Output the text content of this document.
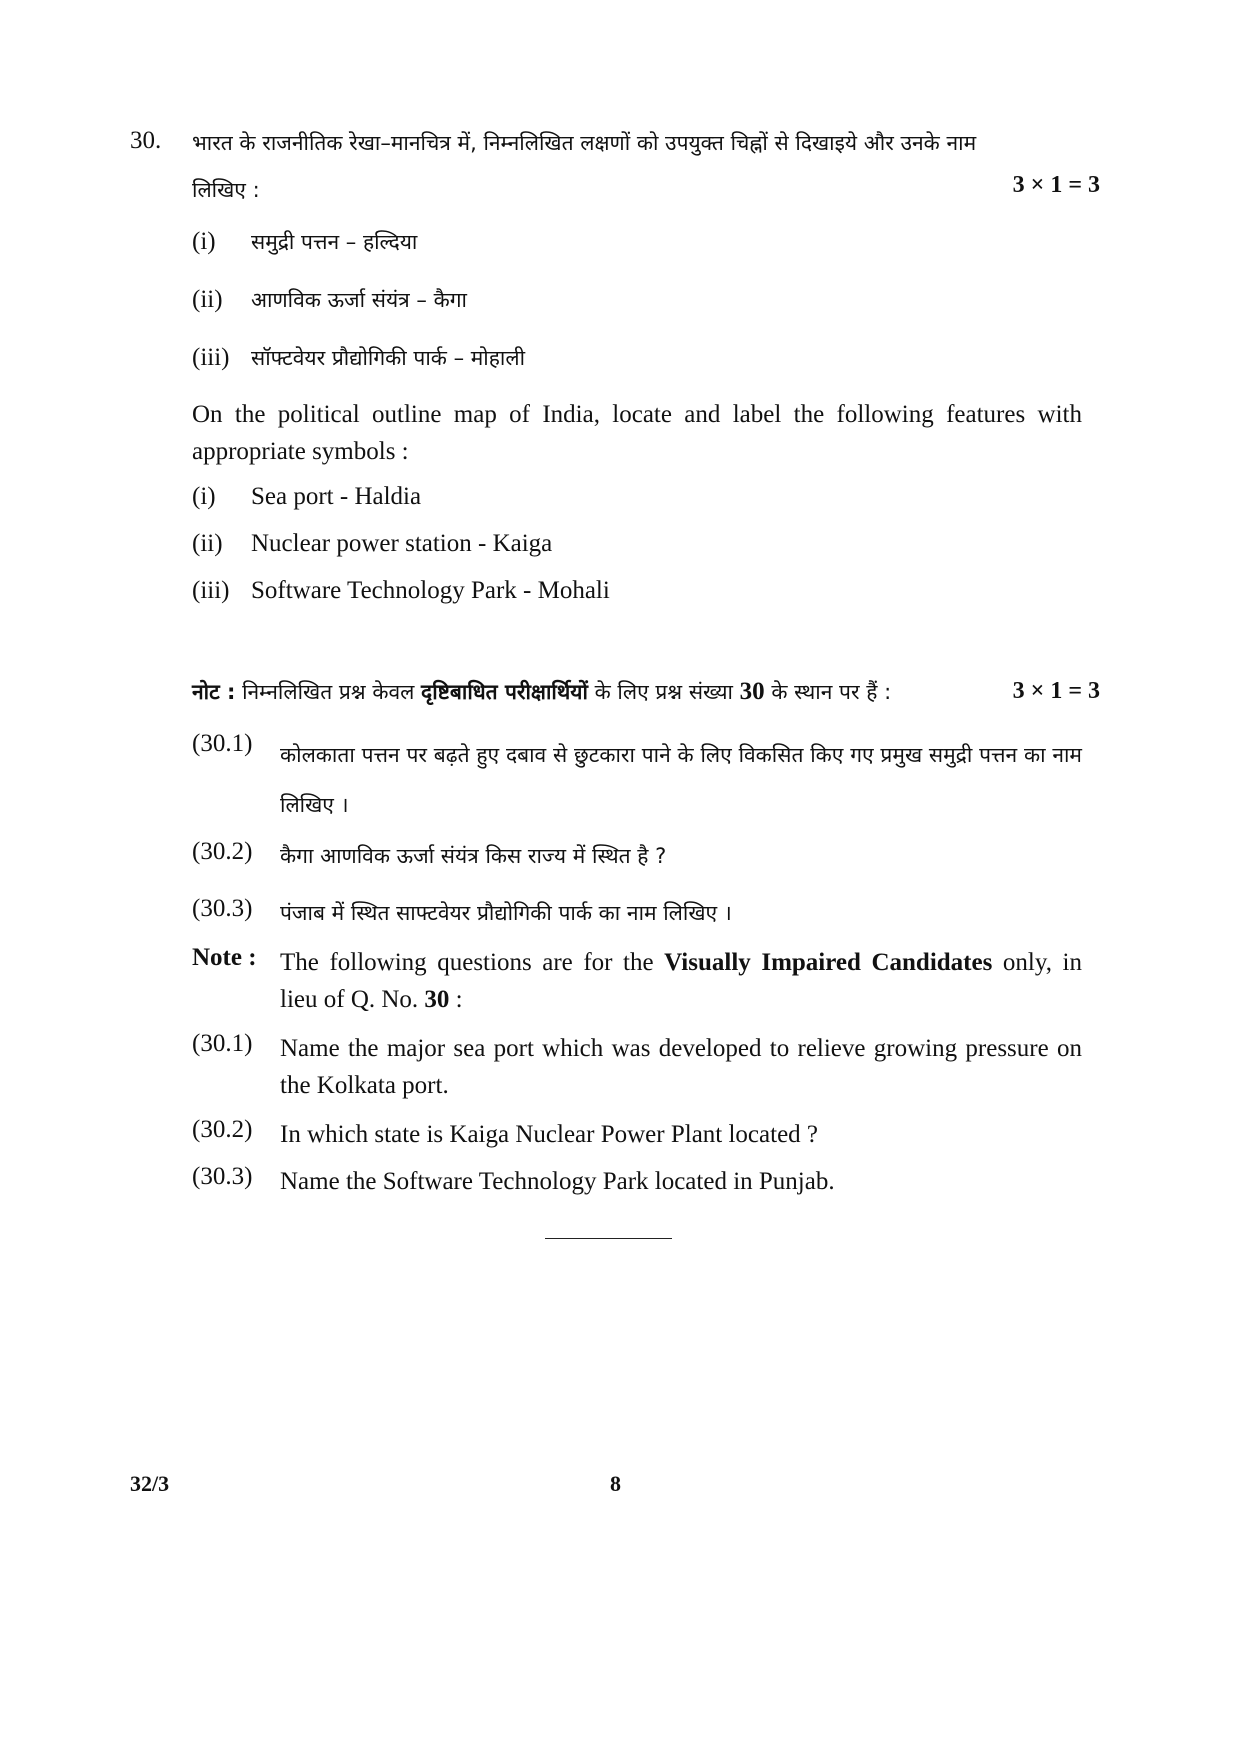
30. भारत के राजनीतिक रेखा–मानचित्र में, निम्नलिखित लक्षणों को उपयुक्त चिह्नों से दिखाइये और उनके नाम
लिखिए :	3 × 1 = 3
(i)	समुद्री पत्तन – हल्दिया
(ii)	आणविक ऊर्जा संयंत्र – कैगा
(iii)	सॉफ्टवेयर प्रौद्योगिकी पार्क – मोहाली
On the political outline map of India, locate and label the following features with appropriate symbols :
(i)	Sea port - Haldia
(ii)	Nuclear power station - Kaiga
(iii) Software Technology Park - Mohali
नोट : निम्नलिखित प्रश्न केवल दृष्टिबाधित परीक्षार्थियों के लिए प्रश्न संख्या 30 के स्थान पर हैं :	3 × 1 = 3
(30.1)	कोलकाता पत्तन पर बढ़ते हुए दबाव से छुटकारा पाने के लिए विकसित किए गए प्रमुख समुद्री पत्तन का नाम लिखिए ।
(30.2)	कैगा आणविक ऊर्जा संयंत्र किस राज्य में स्थित है ?
(30.3)	पंजाब में स्थित साफ्टवेयर प्रौद्योगिकी पार्क का नाम लिखिए ।
Note : The following questions are for the Visually Impaired Candidates only, in lieu of Q. No. 30 :
(30.1)	Name the major sea port which was developed to relieve growing pressure on the Kolkata port.
(30.2)	In which state is Kaiga Nuclear Power Plant located ?
(30.3)	Name the Software Technology Park located in Punjab.
32/3	8
